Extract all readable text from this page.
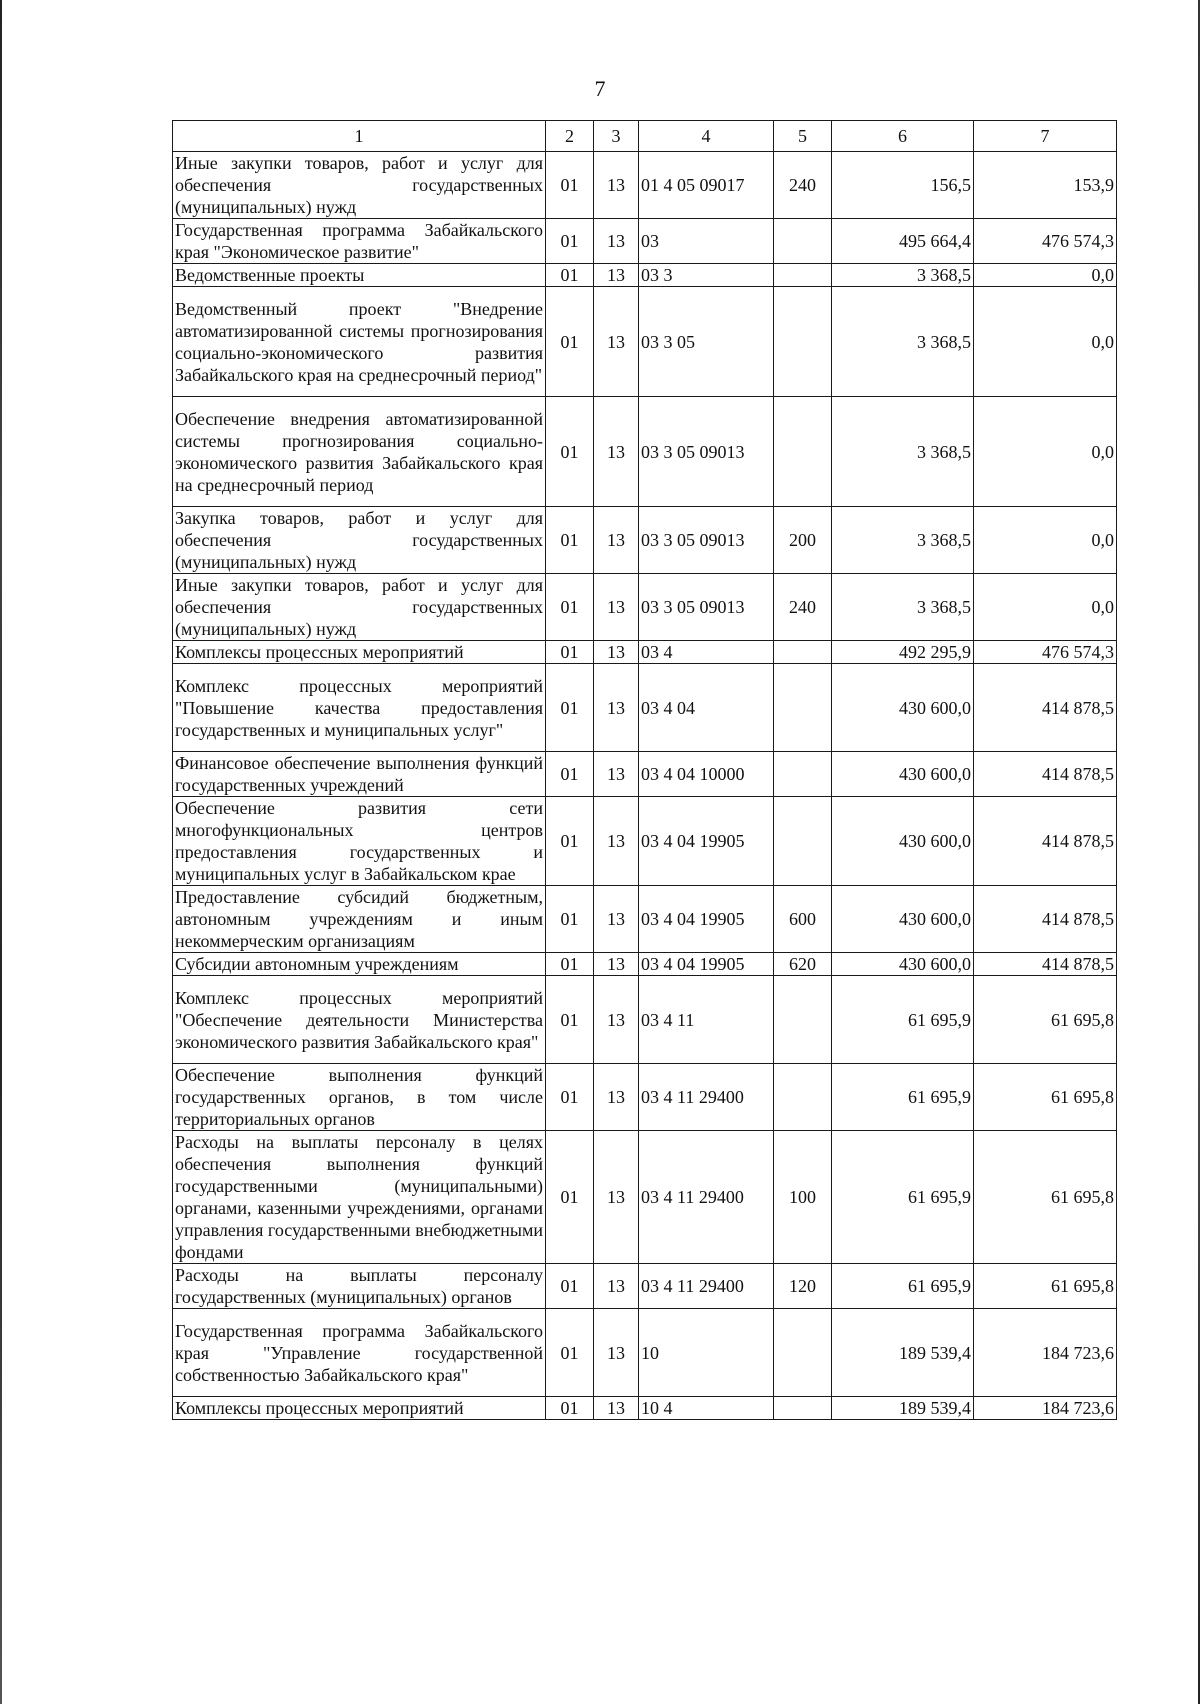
7
1	2	3	4	5	6	7
Иные закупки товаров, работ и услуг для обеспечения государственных (муниципальных) нужд	01	13	01 4 05 09017	240	156,5	153,9
Государственная программа Забайкальского края "Экономическое развитие"	01	13	03		495 664,4	476 574,3
Ведомственные проекты	01	13	03 3		3 368,5	0,0
Ведомственный проект "Внедрение автоматизированной системы прогнозирования социально-экономического развития Забайкальского края на среднесрочный период"	01	13	03 3 05		3 368,5	0,0
Обеспечение внедрения автоматизированной системы прогнозирования социально-экономического развития Забайкальского края на среднесрочный период	01	13	03 3 05 09013		3 368,5	0,0
Закупка товаров, работ и услуг для обеспечения государственных (муниципальных) нужд	01	13	03 3 05 09013	200	3 368,5	0,0
Иные закупки товаров, работ и услуг для обеспечения государственных (муниципальных) нужд	01	13	03 3 05 09013	240	3 368,5	0,0
Комплексы процессных мероприятий	01	13	03 4		492 295,9	476 574,3
Комплекс процессных мероприятий "Повышение качества предоставления государственных и муниципальных услуг"	01	13	03 4 04		430 600,0	414 878,5
Финансовое обеспечение выполнения функций государственных учреждений	01	13	03 4 04 10000		430 600,0	414 878,5
Обеспечение развития сети многофункциональных центров предоставления государственных и муниципальных услуг в Забайкальском крае	01	13	03 4 04 19905		430 600,0	414 878,5
Предоставление субсидий бюджетным, автономным учреждениям и иным некоммерческим организациям	01	13	03 4 04 19905	600	430 600,0	414 878,5
Субсидии автономным учреждениям	01	13	03 4 04 19905	620	430 600,0	414 878,5
Комплекс процессных мероприятий "Обеспечение деятельности Министерства экономического развития Забайкальского края"	01	13	03 4 11		61 695,9	61 695,8
Обеспечение выполнения функций государственных органов, в том числе территориальных органов	01	13	03 4 11 29400		61 695,9	61 695,8
Расходы на выплаты персоналу в целях обеспечения выполнения функций государственными (муниципальными) органами, казенными учреждениями, органами управления государственными внебюджетными фондами	01	13	03 4 11 29400	100	61 695,9	61 695,8
Расходы на выплаты персоналу государственных (муниципальных) органов	01	13	03 4 11 29400	120	61 695,9	61 695,8
Государственная программа Забайкальского края "Управление государственной собственностью Забайкальского края"	01	13	10		189 539,4	184 723,6
Комплексы процессных мероприятий	01	13	10 4		189 539,4	184 723,6
